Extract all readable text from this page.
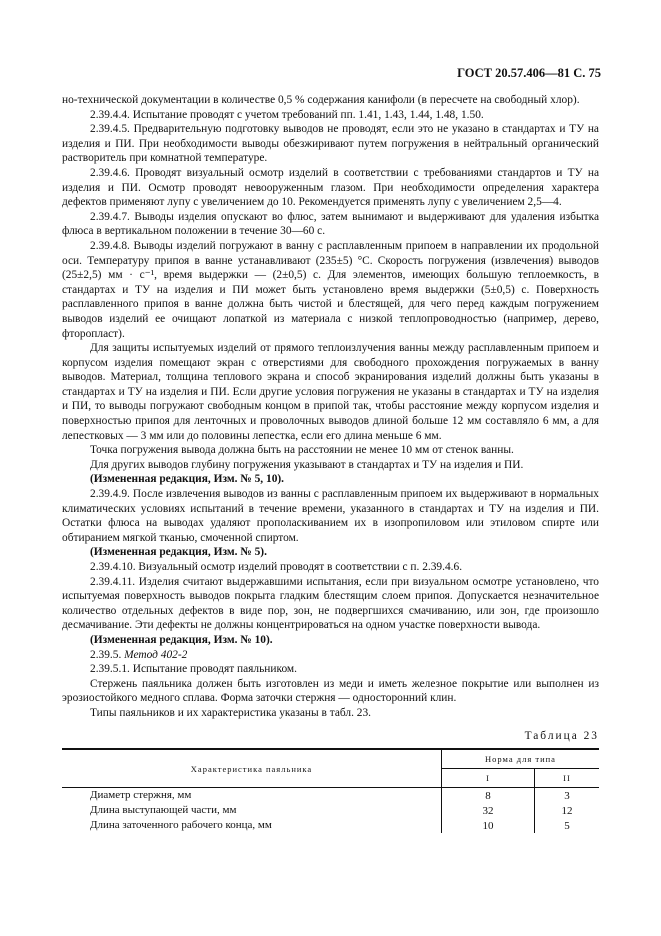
ГОСТ 20.57.406—81 С. 75

но-технической документации в количестве 0,5 % содержания канифоли (в пересчете на свободный хлор).

2.39.4.4. Испытание проводят с учетом требований пп. 1.41, 1.43, 1.44, 1.48, 1.50.

2.39.4.5. Предварительную подготовку выводов не проводят, если это не указано в стандартах и ТУ на изделия и ПИ. При необходимости выводы обезжиривают путем погружения в нейтральный органический растворитель при комнатной температуре.

2.39.4.6. Проводят визуальный осмотр изделий в соответствии с требованиями стандартов и ТУ на изделия и ПИ. Осмотр проводят невооруженным глазом. При необходимости определения характера дефектов применяют лупу с увеличением до 10. Рекомендуется применять лупу с увеличением 2,5—4.

2.39.4.7. Выводы изделия опускают во флюс, затем вынимают и выдерживают для удаления избытка флюса в вертикальном положении в течение 30—60 с.

2.39.4.8. Выводы изделий погружают в ванну с расплавленным припоем в направлении их продольной оси. Температуру припоя в ванне устанавливают (235±5) °С. Скорость погружения (извлечения) выводов (25±2,5) мм · с⁻¹, время выдержки — (2±0,5) с. Для элементов, имеющих большую теплоемкость, в стандартах и ТУ на изделия и ПИ может быть установлено время выдержки (5±0,5) с. Поверхность расплавленного припоя в ванне должна быть чистой и блестящей, для чего перед каждым погружением выводов изделий ее очищают лопаткой из материала с низкой теплопроводностью (например, дерево, фторопласт).

Для защиты испытуемых изделий от прямого теплоизлучения ванны между расплавленным припоем и корпусом изделия помещают экран с отверстиями для свободного прохождения погружаемых в ванну выводов. Материал, толщина теплового экрана и способ экранирования изделий должны быть указаны в стандартах и ТУ на изделия и ПИ. Если другие условия погружения не указаны в стандартах и ТУ на изделия и ПИ, то выводы погружают свободным концом в припой так, чтобы расстояние между корпусом изделия и поверхностью припоя для ленточных и проволочных выводов длиной больше 12 мм составляло 6 мм, а для лепестковых — 3 мм или до половины лепестка, если его длина меньше 6 мм.

Точка погружения вывода должна быть на расстоянии не менее 10 мм от стенок ванны.

Для других выводов глубину погружения указывают в стандартах и ТУ на изделия и ПИ.

(Измененная редакция, Изм. № 5, 10).

2.39.4.9. После извлечения выводов из ванны с расплавленным припоем их выдерживают в нормальных климатических условиях испытаний в течение времени, указанного в стандартах и ТУ на изделия и ПИ. Остатки флюса на выводах удаляют прополаскиванием их в изопропиловом или этиловом спирте или обтиранием мягкой тканью, смоченной спиртом.

(Измененная редакция, Изм. № 5).

2.39.4.10. Визуальный осмотр изделий проводят в соответствии с п. 2.39.4.6.

2.39.4.11. Изделия считают выдержавшими испытания, если при визуальном осмотре установлено, что испытуемая поверхность выводов покрыта гладким блестящим слоем припоя. Допускается незначительное количество отдельных дефектов в виде пор, зон, не подвергшихся смачиванию, или зон, где произошло десмачивание. Эти дефекты не должны концентрироваться на одном участке поверхности вывода.

(Измененная редакция, Изм. № 10).

2.39.5. Метод 402-2

2.39.5.1. Испытание проводят паяльником.

Стержень паяльника должен быть изготовлен из меди и иметь железное покрытие или выполнен из эрозиостойкого медного сплава. Форма заточки стержня — односторонний клин.

Типы паяльников и их характеристика указаны в табл. 23.

Таблица 23
Характеристика паяльника	Норма для типа	
	I	II
Диаметр стержня, мм	8	3
Длина выступающей части, мм	32	12
Длина заточенного рабочего конца, мм	10	5
